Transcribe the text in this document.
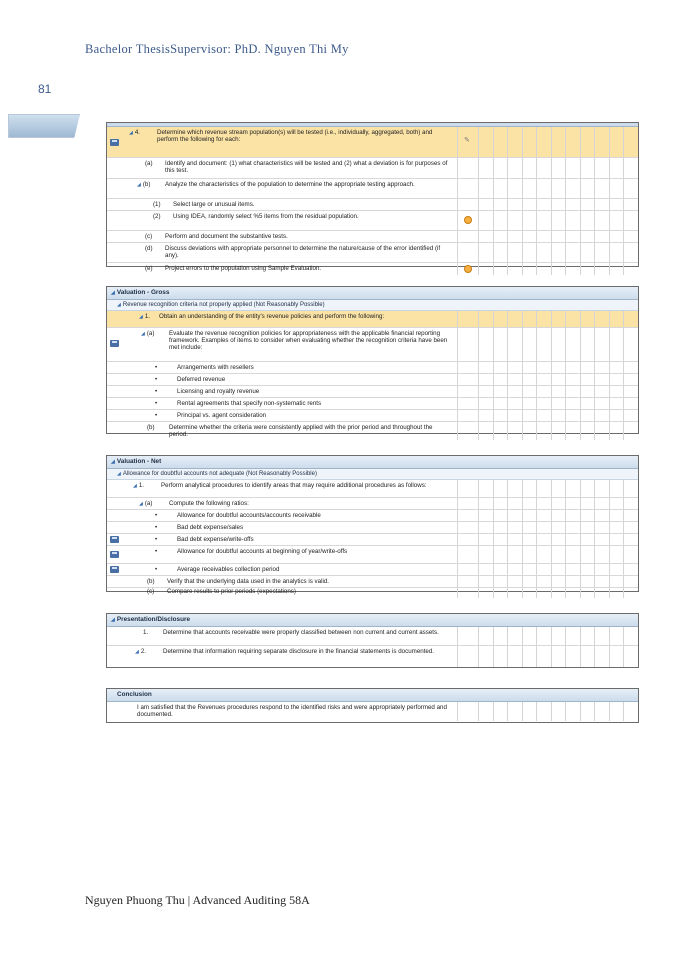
Bachelor ThesisSupervisor: PhD. Nguyen Thi My
81
◢ 4.	Determine which revenue stream population(s) will be tested (i.e., individually, aggregated, both) and perform the following for each:	✎
(a) Identify and document: (1) what characteristics will be tested and (2) what a deviation is for purposes of this test.
◢ (b) Analyze the characteristics of the population to determine the appropriate testing approach.
(1) Select large or unusual items.
(2) Using IDEA, randomly select %5 items from the residual population.
(c) Perform and document the substantive tests.
(d) Discuss deviations with appropriate personnel to determine the nature/cause of the error identified (if any).
(e) Project errors to the population using Sample Evaluation.
◢ Valuation - Gross
◢ Revenue recognition criteria not properly applied (Not Reasonably Possible)
◢ 1. Obtain an understanding of the entity's revenue policies and perform the following:
◢ (a) Evaluate the revenue recognition policies for appropriateness with the applicable financial reporting framework. Examples of items to consider when evaluating whether the recognition criteria have been met include:
•	Arrangements with resellers
•	Deferred revenue
•	Licensing and royalty revenue
•	Rental agreements that specify non-systematic rents
•	Principal vs. agent consideration
(b) Determine whether the criteria were consistently applied with the prior period and throughout the period.
◢ Valuation - Net
◢ Allowance for doubtful accounts not adequate (Not Reasonably Possible)
◢ 1.	Perform analytical procedures to identify areas that may require additional procedures as follows:
◢ (a)	Compute the following ratios:
•	Allowance for doubtful accounts/accounts receivable
•	Bad debt expense/sales
•	Bad debt expense/write-offs
•	Allowance for doubtful accounts at beginning of year/write-offs
•	Average receivables collection period
(b) Verify that the underlying data used in the analytics is valid.
(c) Compare results to prior periods (expectations)
◢ Presentation/Disclosure
1. Determine that accounts receivable were properly classified between non current and current assets.
◢ 2.	Determine that information requiring separate disclosure in the financial statements is documented.
Conclusion
I am satisfied that the Revenues procedures respond to the identified risks and were appropriately performed and documented.
Nguyen Phuong Thu | Advanced Auditing 58A
